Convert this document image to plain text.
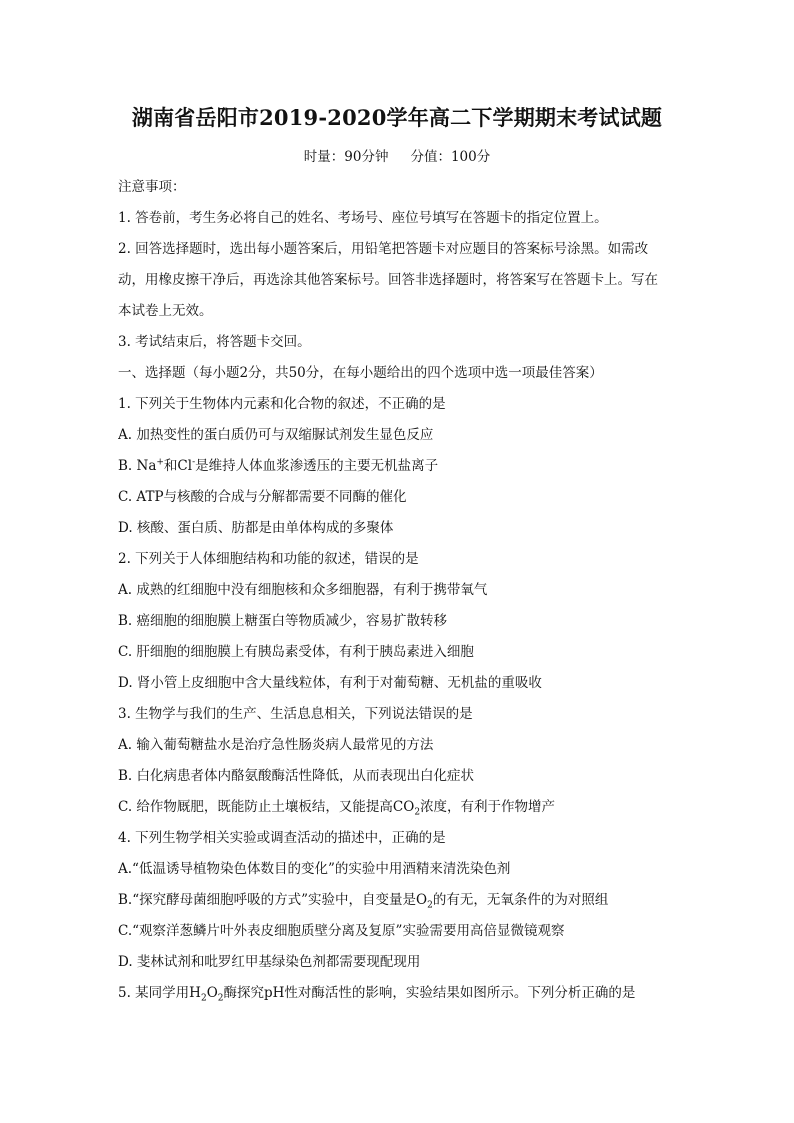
湖南省岳阳市2019-2020学年高二下学期期末考试试题
时量：90分钟 分值：100分
注意事项：
1. 答卷前，考生务必将自己的姓名、考场号、座位号填写在答题卡的指定位置上。
2. 回答选择题时，选出每小题答案后，用铅笔把答题卡对应题目的答案标号涂黑。如需改
动，用橡皮擦干净后，再选涂其他答案标号。回答非选择题时，将答案写在答题卡上。写在
本试卷上无效。
3. 考试结束后，将答题卡交回。
一、选择题（每小题2分，共50分，在每小题给出的四个选项中选一项最佳答案）
1. 下列关于生物体内元素和化合物的叙述，不正确的是
A. 加热变性的蛋白质仍可与双缩脲试剂发生显色反应
B. Na+和Cl-是维持人体血浆渗透压的主要无机盐离子
C. ATP与核酸的合成与分解都需要不同酶的催化
D. 核酸、蛋白质、肪都是由单体构成的多聚体
2. 下列关于人体细胞结构和功能的叙述，错误的是
A. 成熟的红细胞中没有细胞核和众多细胞器，有利于携带氧气
B. 癌细胞的细胞膜上糖蛋白等物质减少，容易扩散转移
C. 肝细胞的细胞膜上有胰岛素受体，有利于胰岛素进入细胞
D. 肾小管上皮细胞中含大量线粒体，有利于对葡萄糖、无机盐的重吸收
3. 生物学与我们的生产、生活息息相关，下列说法错误的是
A. 输入葡萄糖盐水是治疗急性肠炎病人最常见的方法
B. 白化病患者体内酪氨酸酶活性降低，从而表现出白化症状
C. 给作物厩肥，既能防止土壤板结，又能提高$CO_2$浓度，有利于作物增产
4. 下列生物学相关实验或调查活动的描述中，正确的是
A.“低温诱导植物染色体数目的变化”的实验中用酒精来清洗染色剂
B.“探究酵母菌细胞呼吸的方式”实验中，自变量是$O_2$的有无，无氧条件的为对照组
C.“观察洋葱鳞片叶外表皮细胞质壁分离及复原”实验需要用高倍显微镜观察
D. 斐林试剂和吡罗红甲基绿染色剂都需要现配现用
5. 某同学用$H_2O_2$酶探究pH性对酶活性的影响，实验结果如图所示。下列分析正确的是
